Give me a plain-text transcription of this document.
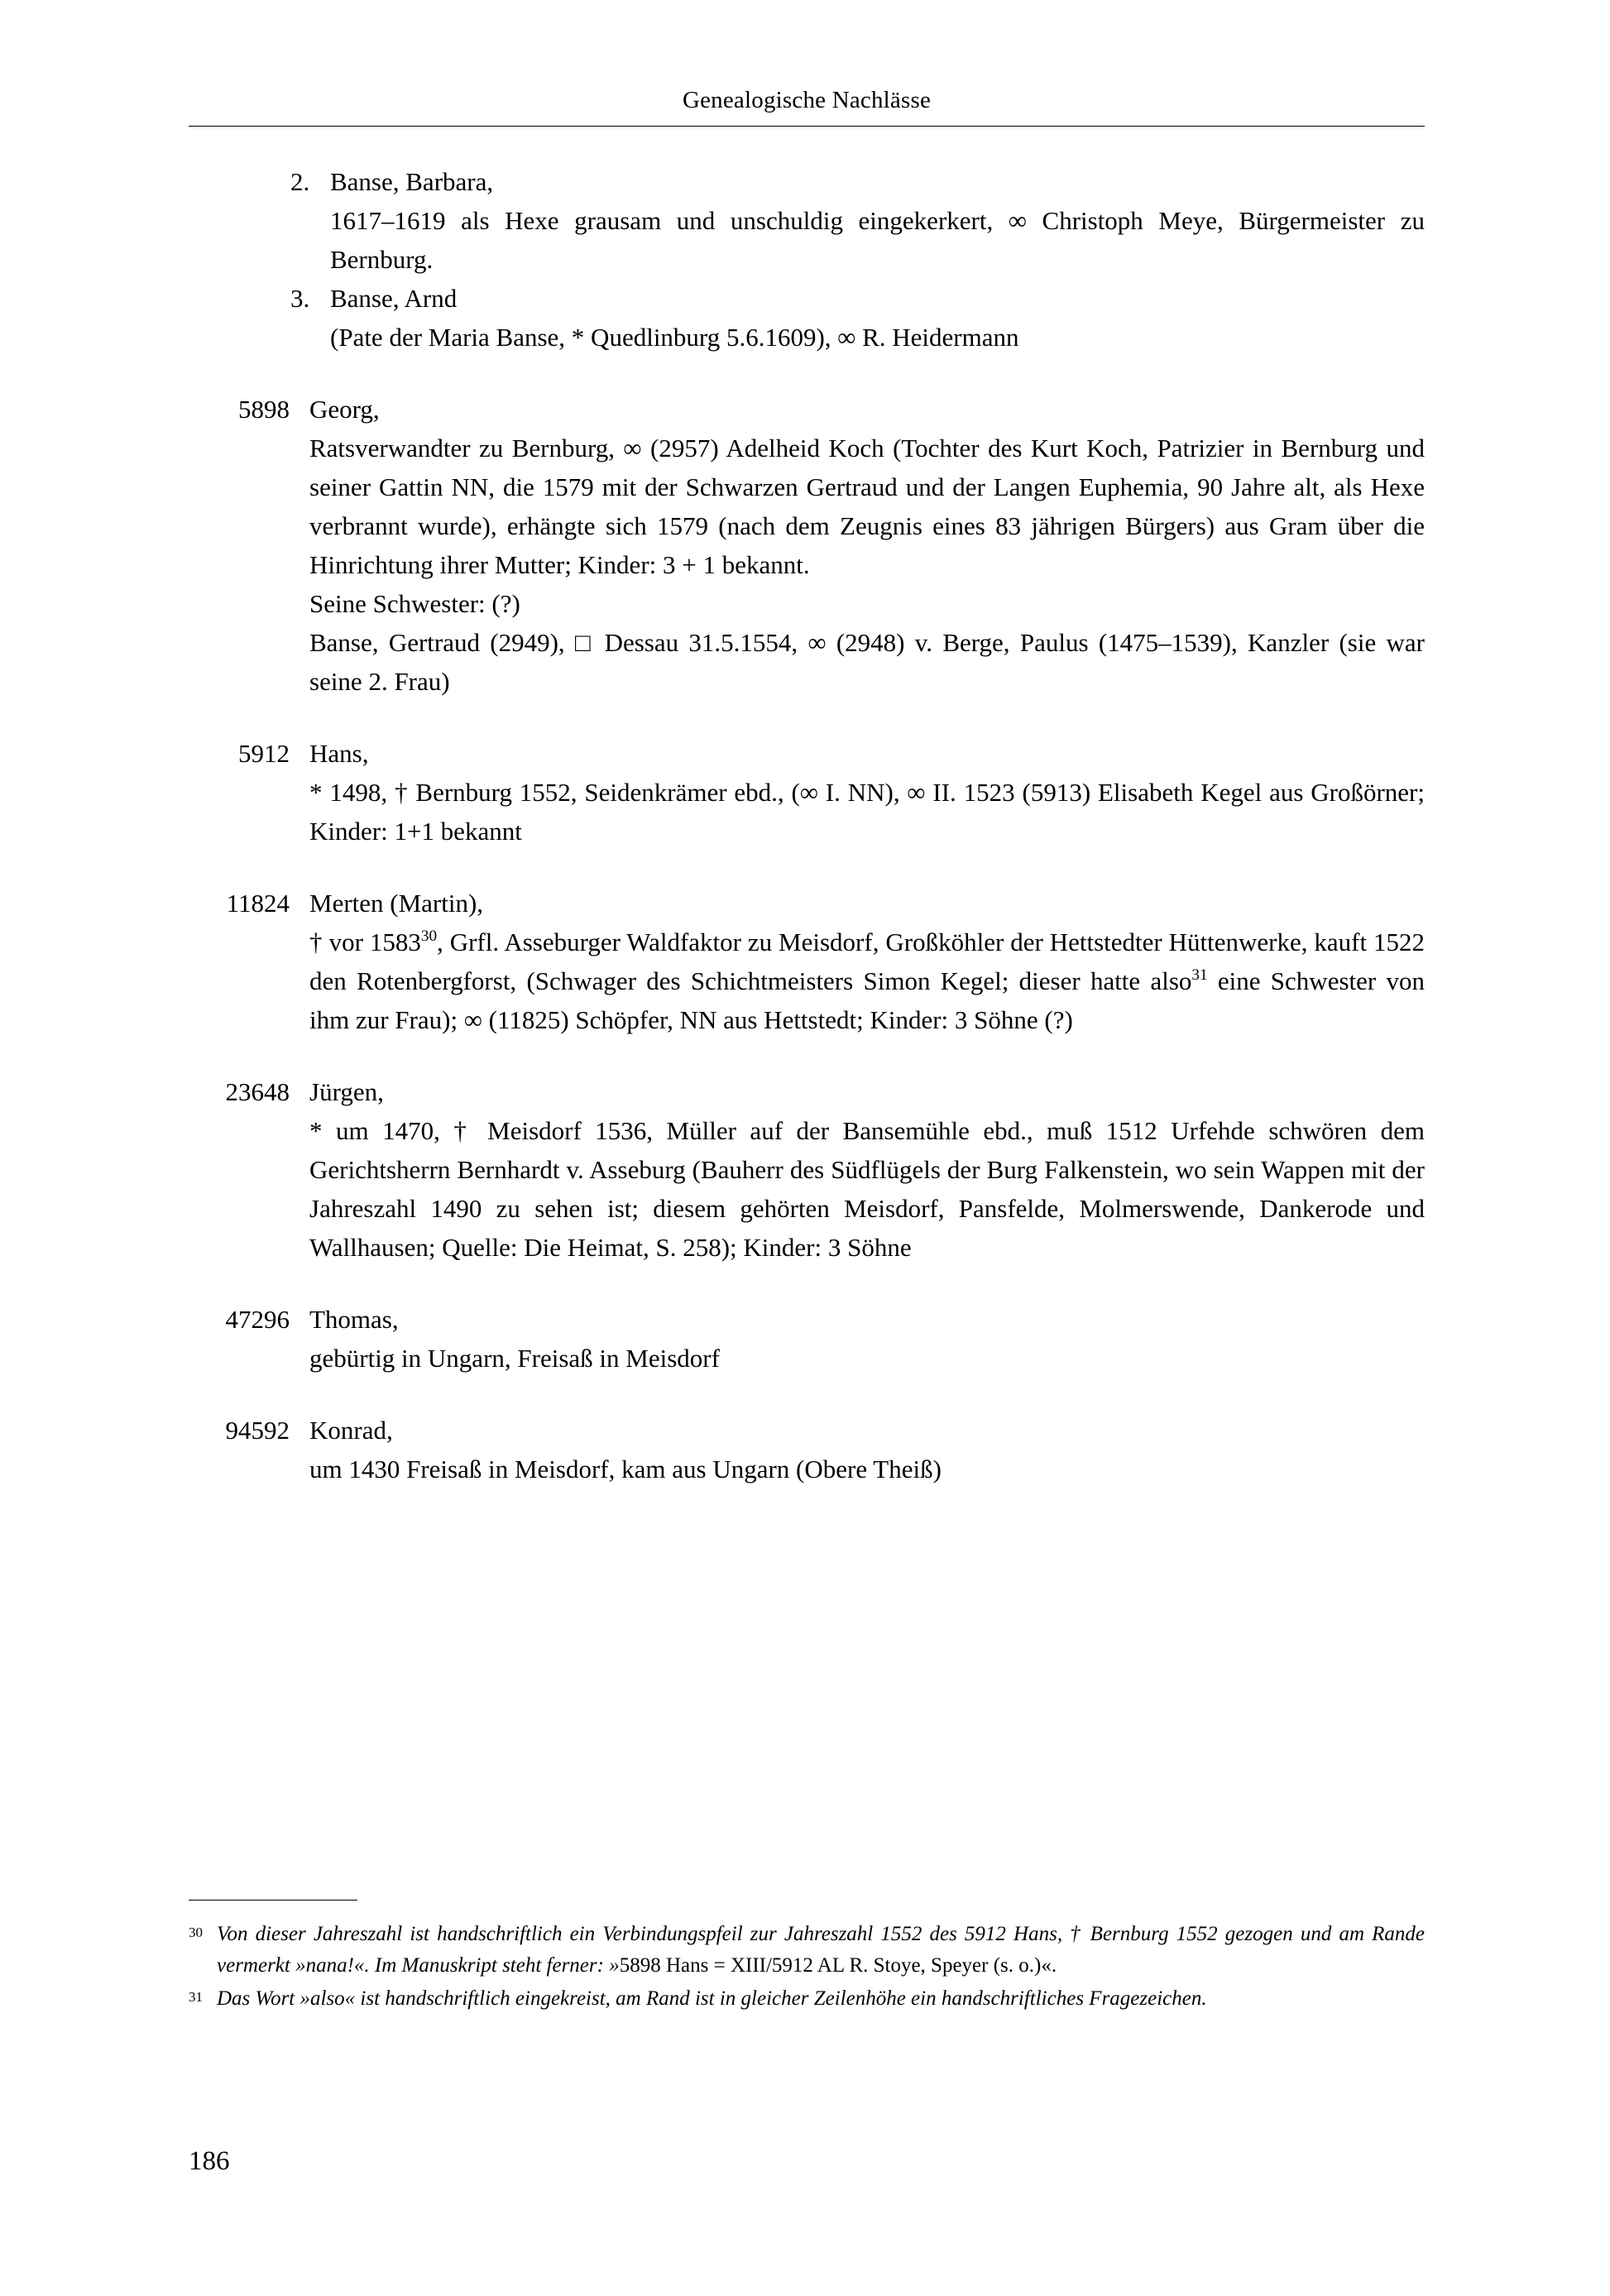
Genealogische Nachlässe
2. Banse, Barbara,
1617–1619 als Hexe grausam und unschuldig eingekerkert, ∞ Christoph Meye, Bürgermeister zu Bernburg.
3. Banse, Arnd
(Pate der Maria Banse, * Quedlinburg 5.6.1609), ∞ R. Heidermann
5898 Georg,
Ratsverwandter zu Bernburg, ∞ (2957) Adelheid Koch (Tochter des Kurt Koch, Patrizier in Bernburg und seiner Gattin NN, die 1579 mit der Schwarzen Gertraud und der Langen Euphemia, 90 Jahre alt, als Hexe verbrannt wurde), erhängte sich 1579 (nach dem Zeugnis eines 83 jährigen Bürgers) aus Gram über die Hinrichtung ihrer Mutter; Kinder: 3 + 1 bekannt.
Seine Schwester: (?)
Banse, Gertraud (2949), □ Dessau 31.5.1554, ∞ (2948) v. Berge, Paulus (1475–1539), Kanzler (sie war seine 2. Frau)
5912 Hans,
* 1498, † Bernburg 1552, Seidenkrämer ebd., (∞ I. NN), ∞ II. 1523 (5913) Elisabeth Kegel aus Großörner; Kinder: 1+1 bekannt
11824 Merten (Martin),
† vor 1583$^{30}$, Grfl. Asseburger Waldfaktor zu Meisdorf, Großköhler der Hettstedter Hüttenwerke, kauft 1522 den Rotenbergforst, (Schwager des Schichtmeisters Simon Kegel; dieser hatte also$^{31}$ eine Schwester von ihm zur Frau); ∞ (11825) Schöpfer, NN aus Hettstedt; Kinder: 3 Söhne (?)
23648 Jürgen,
* um 1470, † Meisdorf 1536, Müller auf der Bansemühle ebd., muß 1512 Urfehde schwören dem Gerichtsherrn Bernhardt v. Asseburg (Bauherr des Südflügels der Burg Falkenstein, wo sein Wappen mit der Jahreszahl 1490 zu sehen ist; diesem gehörten Meisdorf, Pansfelde, Molmerswende, Dankerode und Wallhausen; Quelle: Die Heimat, S. 258); Kinder: 3 Söhne
47296 Thomas,
gebürtig in Ungarn, Freisaß in Meisdorf
94592 Konrad,
um 1430 Freisaß in Meisdorf, kam aus Ungarn (Obere Theiß)
30 Von dieser Jahreszahl ist handschriftlich ein Verbindungspfeil zur Jahreszahl 1552 des 5912 Hans, † Bernburg 1552 gezogen und am Rande vermerkt »nana!«. Im Manuskript steht ferner: »5898 Hans = XIII/5912 AL R. Stoye, Speyer (s. o.)«.
31 Das Wort »also« ist handschriftlich eingekreist, am Rand ist in gleicher Zeilenhöhe ein handschriftliches Fragezeichen.
186
